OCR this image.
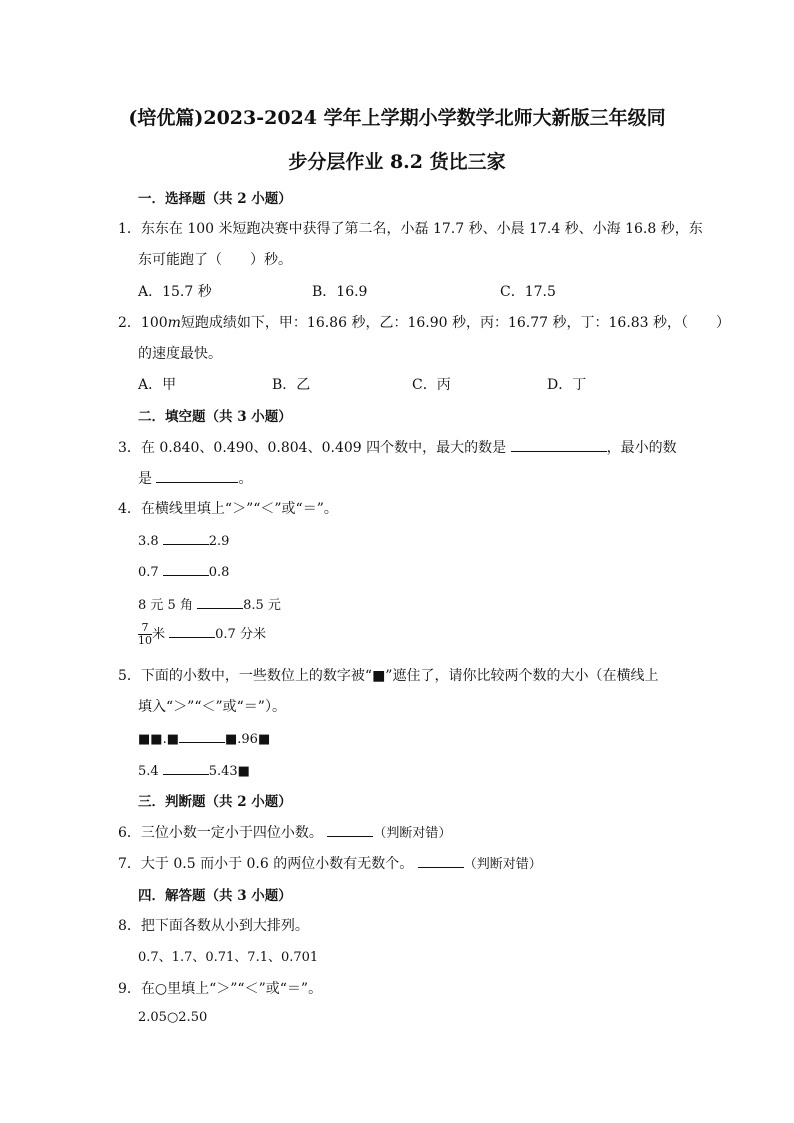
(培优篇)2023-2024 学年上学期小学数学北师大新版三年级同
步分层作业 8.2 货比三家
一．选择题（共 2 小题）
1．东东在 100 米短跑决赛中获得了第二名，小磊 17.7 秒、小晨 17.4 秒、小海 16.8 秒，东
东可能跑了（　　）秒。
A．15.7 秒	B．16.9	C．17.5
2．100m短跑成绩如下，甲：16.86 秒，乙：16.90 秒，丙：16.77 秒，丁：16.83 秒，（　　）
的速度最快。
A．甲	B．乙	C．丙	D．丁
二．填空题（共 3 小题）
3．在 0.840、0.490、0.804、0.409 四个数中，最大的数是	，最小的数
是	。
4．在横线里填上“＞”“＜”或“＝”。
3.8	2.9
0.7	0.8
8 元 5 角	8.5 元
$\frac{7}{10}$ 米	0.7 分米
5．下面的小数中，一些数位上的数字被“■”遮住了，请你比较两个数的大小（在横线上
填入“＞”“＜”或“＝”）。
■■.■	■.96■
5.4	5.43■
三．判断题（共 2 小题）
6．三位小数一定小于四位小数。	（判断对错）
7．大于 0.5 而小于 0.6 的两位小数有无数个。	（判断对错）
四．解答题（共 3 小题）
8．把下面各数从小到大排列。
0.7、1.7、0.71、7.1、0.701
9．在○里填上“＞”“＜”或“＝”。
2.05○2.50
